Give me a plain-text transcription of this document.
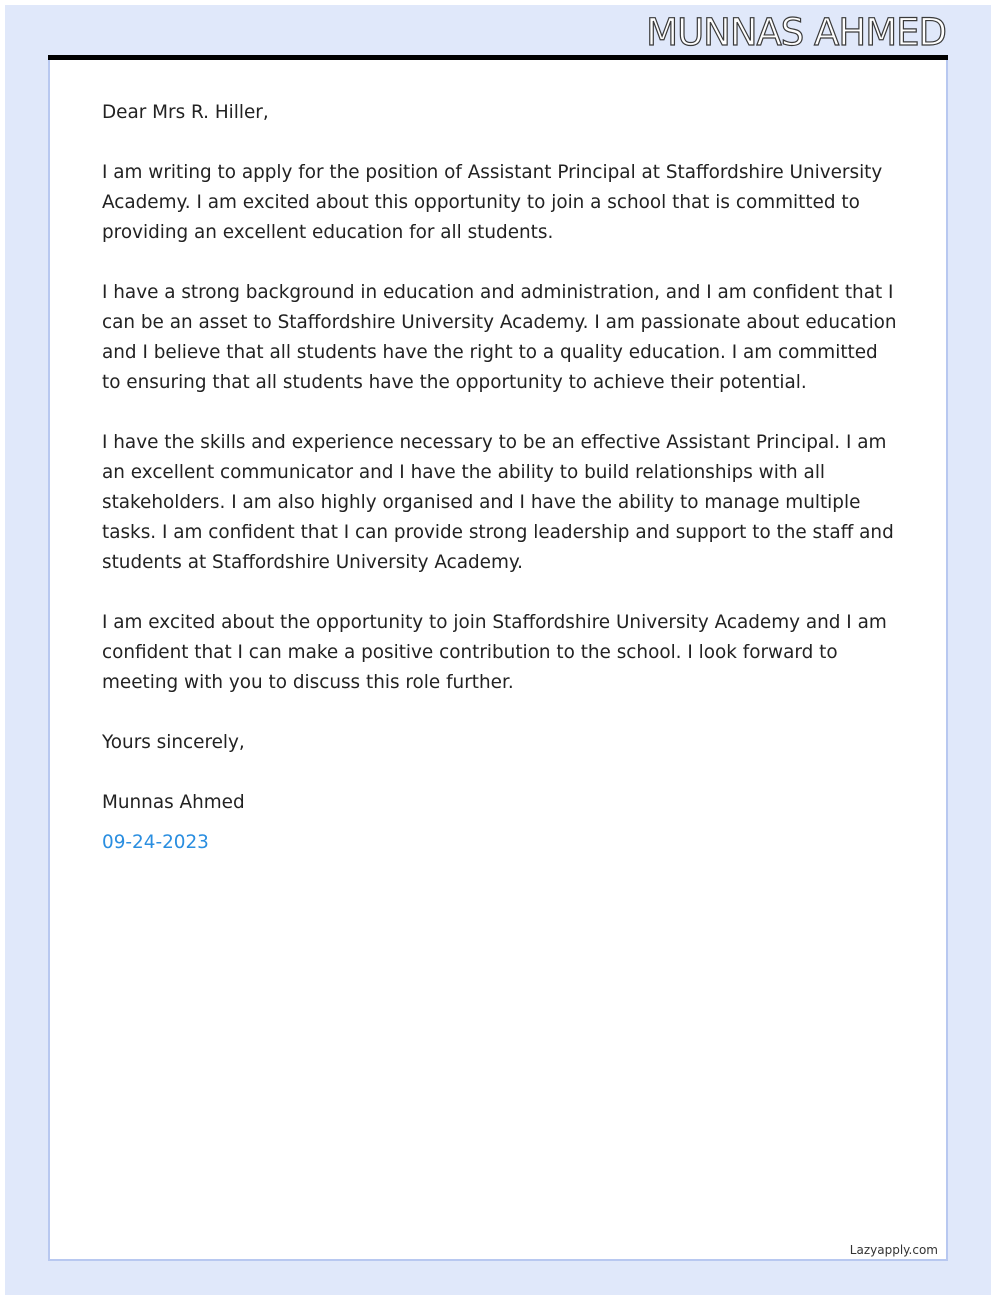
MUNNAS AHMED

Dear Mrs R. Hiller,

I am writing to apply for the position of Assistant Principal at Staffordshire University Academy. I am excited about this opportunity to join a school that is committed to providing an excellent education for all students.

I have a strong background in education and administration, and I am confident that I can be an asset to Staffordshire University Academy. I am passionate about education and I believe that all students have the right to a quality education. I am committed to ensuring that all students have the opportunity to achieve their potential.

I have the skills and experience necessary to be an effective Assistant Principal. I am an excellent communicator and I have the ability to build relationships with all stakeholders. I am also highly organised and I have the ability to manage multiple tasks. I am confident that I can provide strong leadership and support to the staff and students at Staffordshire University Academy.

I am excited about the opportunity to join Staffordshire University Academy and I am confident that I can make a positive contribution to the school. I look forward to meeting with you to discuss this role further.

Yours sincerely,

Munnas Ahmed

09-24-2023

Lazyapply.com
